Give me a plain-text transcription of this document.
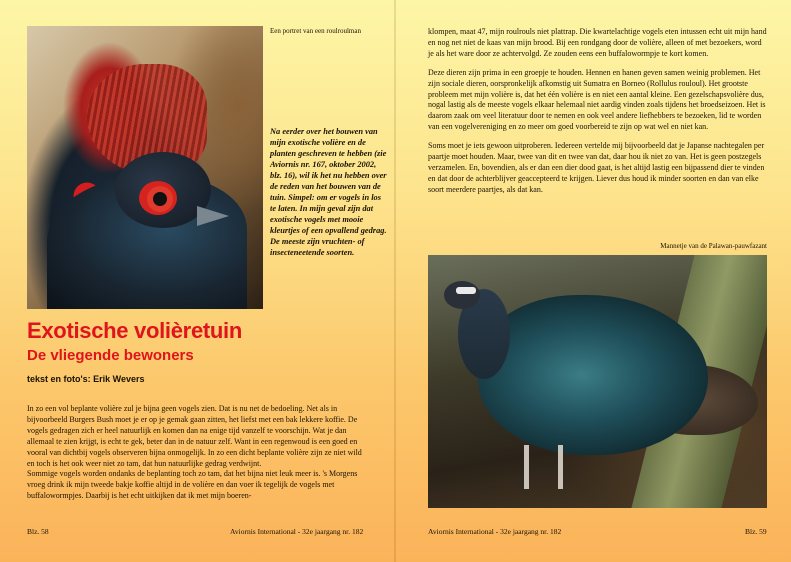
Een portret van een roulroulman
Na eerder over het bouwen van mijn exotische volière en de planten geschreven te hebben (zie Aviornis nr. 167, oktober 2002, blz. 16), wil ik het nu hebben over de reden van het bouwen van de tuin. Simpel: om er vogels in los te laten. In mijn geval zijn dat exotische vogels met mooie kleurtjes of een opvallend gedrag. De meeste zijn vruchten- of insecteneetende soorten.
Exotische volièretuin
De vliegende bewoners
tekst en foto's: Erik Wevers

In zo een vol beplante volière zul je bijna geen vogels zien. Dat is nu net de bedoeling. Net als in bijvoorbeeld Burgers Bush moet je er op je gemak gaan zitten, het liefst met een bak lekkere koffie. De vogels gedragen zich er heel natuurlijk en komen dan na enige tijd vanzelf te voorschijn. Wat je dan allemaal te zien krijgt, is echt te gek, beter dan in de natuur zelf. Want in een regenwoud is een goed en vooral van dichtbij vogels observeren bijna onmogelijk. In zo een dicht beplante volière zijn ze niet wild en toch is het ook weer niet zo tam, dat hun natuurlijke gedrag verdwijnt.

Sommige vogels worden ondanks de beplanting toch zo tam, dat het bijna niet leuk meer is. 's Morgens vroeg drink ik mijn tweede bakje koffie altijd in de volière en dan voer ik tegelijk de vogels met buffalowormpjes. Daarbij is het echt uitkijken dat ik met mijn boeren-

Blz. 58	Aviornis International - 32e jaargang nr. 182

klompen, maat 47, mijn roulrouls niet plattrap. Die kwartelachtige vogels eten intussen echt uit mijn hand en nog net niet de kaas van mijn brood. Bij een rondgang door de volière, alleen of met bezoekers, word je als het ware door ze achtervolgd. Ze zouden eens een buffalowormpje te kort komen.

Deze dieren zijn prima in een groepje te houden. Hennen en hanen geven samen weinig problemen. Het zijn sociale dieren, oorspronkelijk afkomstig uit Sumatra en Borneo (Rollulus rouloul). Het grootste probleem met mijn volière is, dat het één volière is en niet een aantal kleine. Een gezelschapsvolière dus, nogal lastig als de meeste vogels elkaar helemaal niet aardig vinden zoals tijdens het broedseizoen. Het is daarom zaak om veel literatuur door te nemen en ook veel andere liefhebbers te bezoeken, lid te worden van een vogelvereniging en zo meer om goed voorbereid te zijn op wat wel en niet kan.

Soms moet je iets gewoon uitproberen. Iedereen vertelde mij bijvoorbeeld dat je Japanse nachtegalen per paartje moet houden. Maar, twee van dit en twee van dat, daar hou ik niet zo van. Het is geen postzegels verzamelen. En, bovendien, als er dan een dier dood gaat, is het altijd lastig een bijpassend dier te vinden en dat door de achterblijver geaccepteerd te krijgen. Liever dus houd ik minder soorten en dan van elke soort meerdere paartjes, als dat kan.

Mannetje van de Palawan-pauwfazant
Aviornis International - 32e jaargang nr. 182	Blz. 59
